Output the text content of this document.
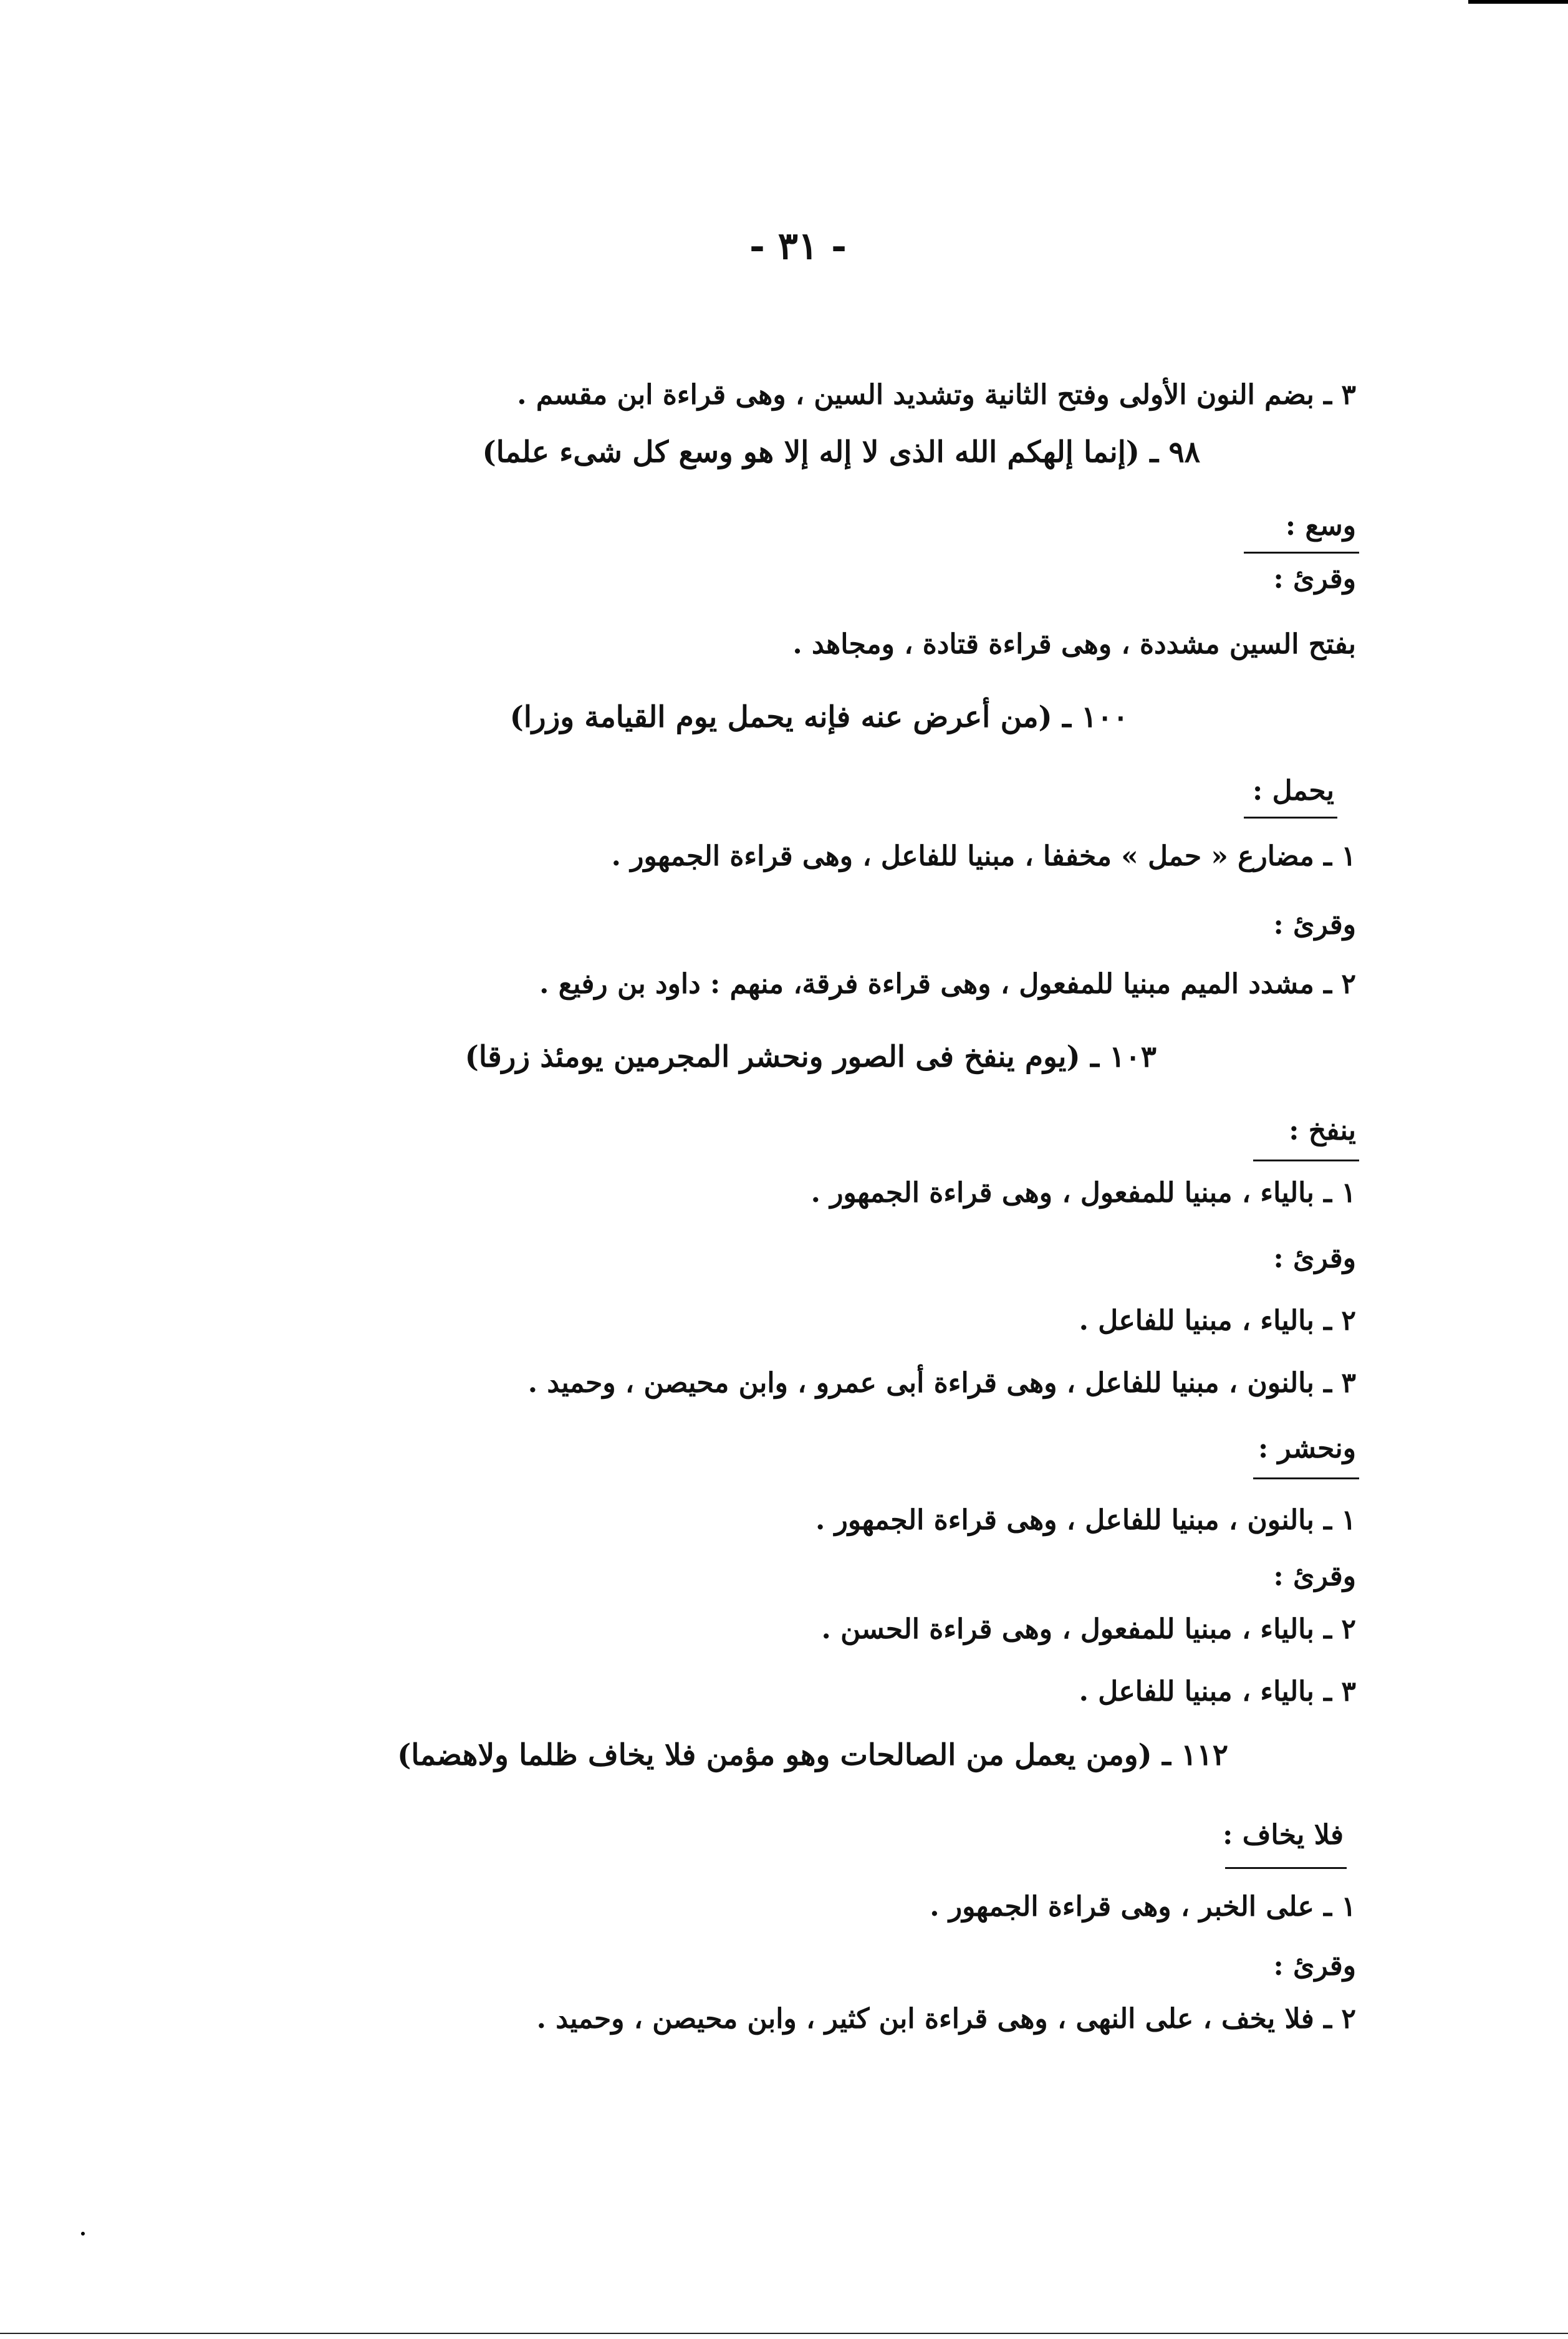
- ٣١ -
٣ ـ بضم النون الأولى وفتح الثانية وتشديد السين ، وهى قراءة ابن مقسم .
٩٨ ـ (إنما إلهكم الله الذى لا إله إلا هو وسع كل شىء علما)
وسع :
وقرئ :
بفتح السين مشددة ، وهى قراءة قتادة ، ومجاهد .
١٠٠ ـ (من أعرض عنه فإنه يحمل يوم القيامة وزرا)
يحمل :
١ ـ مضارع « حمل » مخففا ، مبنيا للفاعل ، وهى قراءة الجمهور .
وقرئ :
٢ ـ مشدد الميم مبنيا للمفعول ، وهى قراءة فرقة، منهم : داود بن رفيع .
١٠٣ ـ (يوم ينفخ فى الصور ونحشر المجرمين يومئذ زرقا)
ينفخ :
١ ـ بالياء ، مبنيا للمفعول ، وهى قراءة الجمهور .
وقرئ :
٢ ـ بالياء ، مبنيا للفاعل .
٣ ـ بالنون ، مبنيا للفاعل ، وهى قراءة أبى عمرو ، وابن محيصن ، وحميد .
ونحشر :
١ ـ بالنون ، مبنيا للفاعل ، وهى قراءة الجمهور .
وقرئ :
٢ ـ بالياء ، مبنيا للمفعول ، وهى قراءة الحسن .
٣ ـ بالياء ، مبنيا للفاعل .
١١٢ ـ (ومن يعمل من الصالحات وهو مؤمن فلا يخاف ظلما ولاهضما)
فلا يخاف :
١ ـ على الخبر ، وهى قراءة الجمهور .
وقرئ :
٢ ـ فلا يخف ، على النهى ، وهى قراءة ابن كثير ، وابن محيصن ، وحميد .
